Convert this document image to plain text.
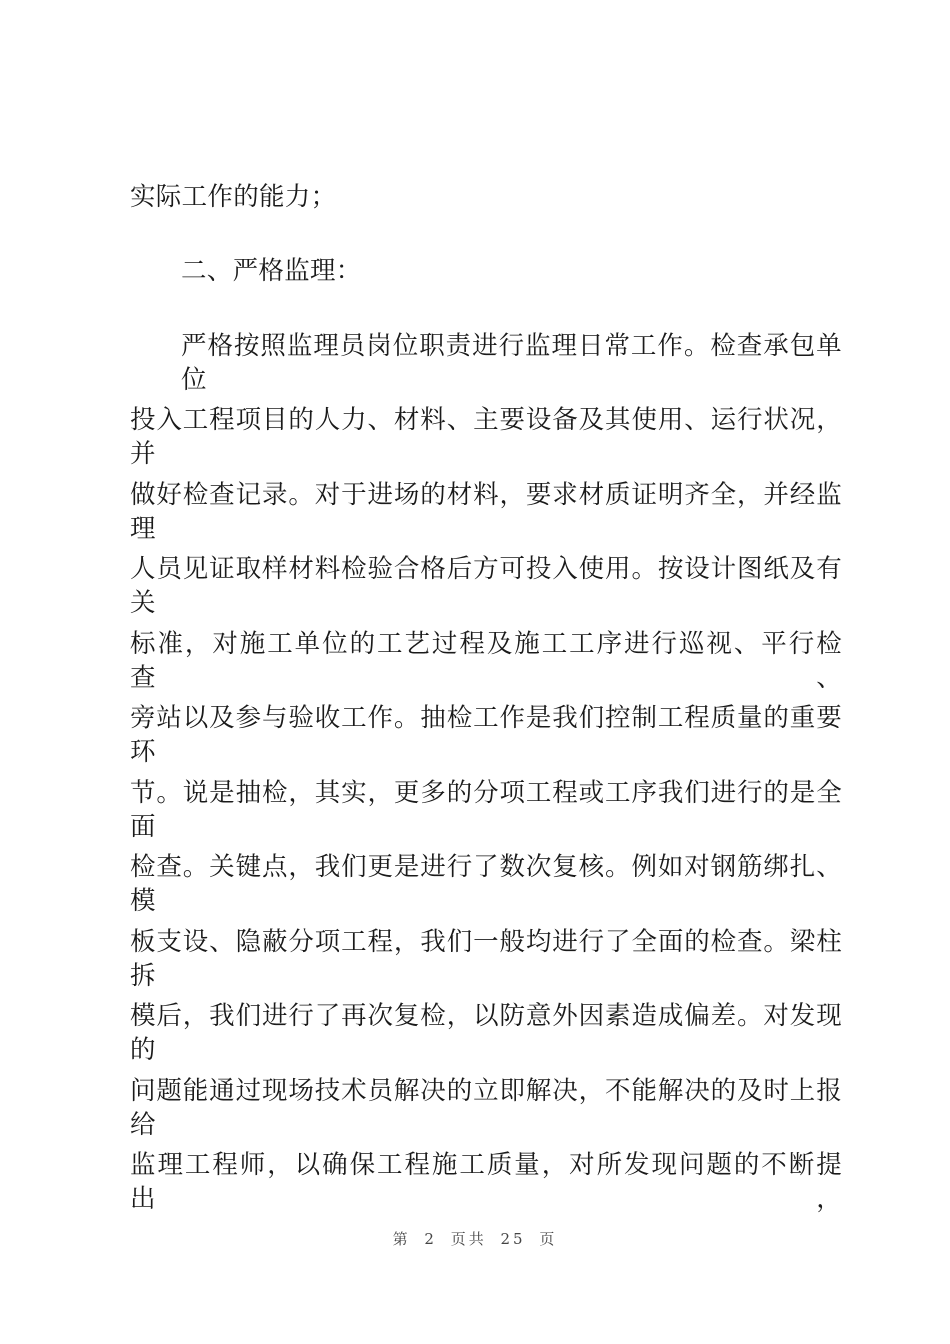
实际工作的能力；
二、严格监理：
严格按照监理员岗位职责进行监理日常工作。检查承包单位
投入工程项目的人力、材料、主要设备及其使用、运行状况，并
做好检查记录。对于进场的材料，要求材质证明齐全，并经监理
人员见证取样材料检验合格后方可投入使用。按设计图纸及有关
标准，对施工单位的工艺过程及施工工序进行巡视、平行检查、
旁站以及参与验收工作。抽检工作是我们控制工程质量的重要环
节。说是抽检，其实，更多的分项工程或工序我们进行的是全面
检查。关键点，我们更是进行了数次复核。例如对钢筋绑扎、模
板支设、隐蔽分项工程，我们一般均进行了全面的检查。梁柱拆
模后，我们进行了再次复检，以防意外因素造成偏差。对发现的
问题能通过现场技术员解决的立即解决，不能解决的及时上报给
监理工程师，以确保工程施工质量，对所发现问题的不断提出，
第 2 页共 25 页
